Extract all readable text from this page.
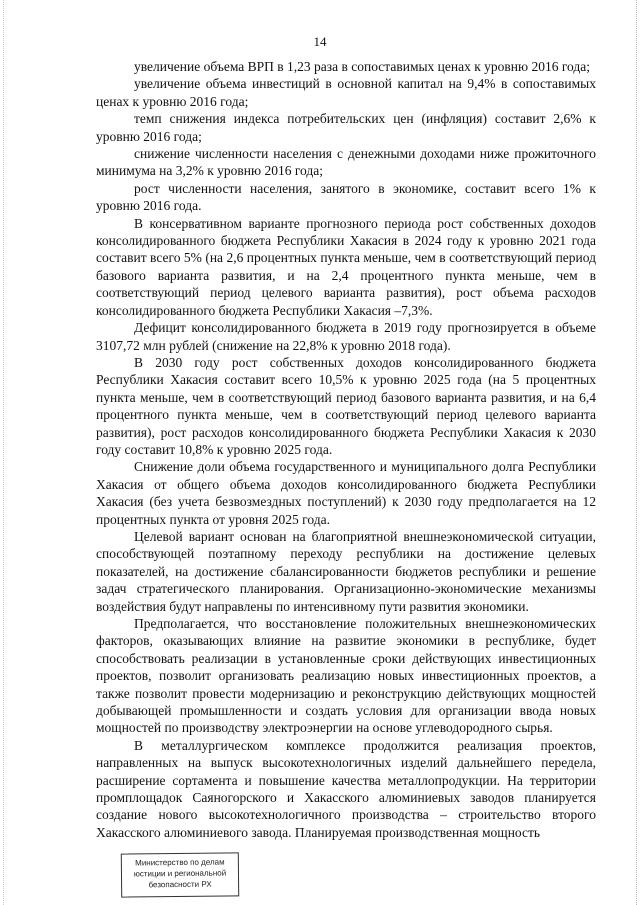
14

увеличение объема ВРП в 1,23 раза в сопоставимых ценах к уровню 2016 года;

увеличение объема инвестиций в основной капитал на 9,4% в сопоставимых ценах к уровню 2016 года;

темп снижения индекса потребительских цен (инфляция) составит 2,6% к уровню 2016 года;

снижение численности населения с денежными доходами ниже прожиточного минимума на 3,2% к уровню 2016 года;

рост численности населения, занятого в экономике, составит всего 1% к уровню 2016 года.

В консервативном варианте прогнозного периода рост собственных доходов консолидированного бюджета Республики Хакасия в 2024 году к уровню 2021 года составит всего 5% (на 2,6 процентных пункта меньше, чем в соответствующий период базового варианта развития, и на 2,4 процентного пункта меньше, чем в соответствующий период целевого варианта развития), рост объема расходов консолидированного бюджета Республики Хакасия –7,3%.

Дефицит консолидированного бюджета в 2019 году прогнозируется в объеме 3107,72 млн рублей (снижение на 22,8% к уровню 2018 года).

В 2030 году рост собственных доходов консолидированного бюджета Республики Хакасия составит всего 10,5% к уровню 2025 года (на 5 процентных пункта меньше, чем в соответствующий период базового варианта развития, и на 6,4 процентного пункта меньше, чем в соответствующий период целевого варианта развития), рост расходов консолидированного бюджета Республики Хакасия к 2030 году составит 10,8% к уровню 2025 года.

Снижение доли объема государственного и муниципального долга Республики Хакасия от общего объема доходов консолидированного бюджета Республики Хакасия (без учета безвозмездных поступлений) к 2030 году предполагается на 12 процентных пункта от уровня 2025 года.

Целевой вариант основан на благоприятной внешнеэкономической ситуации, способствующей поэтапному переходу республики на достижение целевых показателей, на достижение сбалансированности бюджетов республики и решение задач стратегического планирования. Организационно-экономические механизмы воздействия будут направлены по интенсивному пути развития экономики.

Предполагается, что восстановление положительных внешнеэкономических факторов, оказывающих влияние на развитие экономики в республике, будет способствовать реализации в установленные сроки действующих инвестиционных проектов, позволит организовать реализацию новых инвестиционных проектов, а также позволит провести модернизацию и реконструкцию действующих мощностей добывающей промышленности и создать условия для организации ввода новых мощностей по производству электроэнергии на основе углеводородного сырья.

В металлургическом комплексе продолжится реализация проектов, направленных на выпуск высокотехнологичных изделий дальнейшего передела, расширение сортамента и повышение качества металлопродукции. На территории промплощадок Саяногорского и Хакасского алюминиевых заводов планируется создание нового высокотехнологичного производства – строительство второго Хакасского алюминиевого завода. Планируемая производственная мощность

Министерство по делам
юстиции и региональной
безопасности РХ
